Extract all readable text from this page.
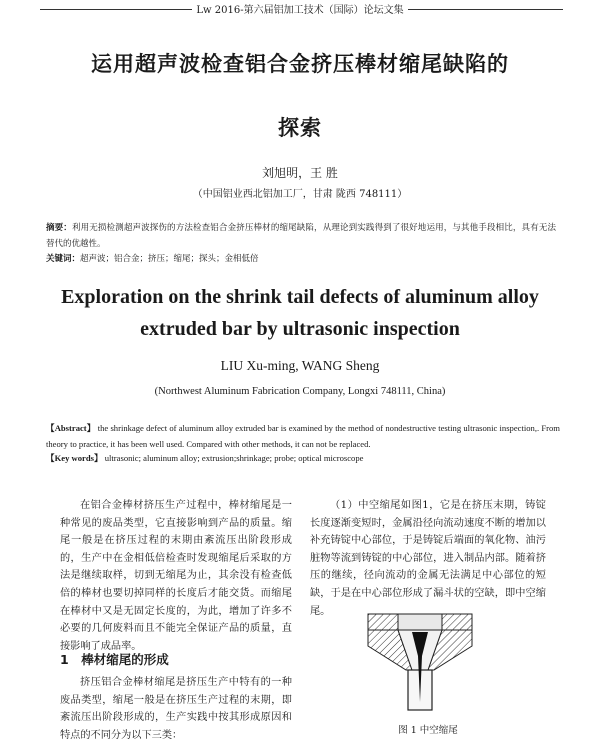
Lw 2016-第六届铝加工技术（国际）论坛文集
运用超声波检查铝合金挤压棒材缩尾缺陷的
探索
刘旭明，王 胜
（中国铝业西北铝加工厂，甘肃 陇西 748111）
摘要：利用无损检测超声波探伤的方法检查铝合金挤压棒材的缩尾缺陷，从理论到实践得到了很好地运用，与其他手段相比，具有无法替代的优越性。
关键词：超声波；铝合金；挤压；缩尾；探头；金相低倍
Exploration on the shrink tail defects of aluminum alloy
extruded bar by ultrasonic inspection
LIU Xu-ming, WANG Sheng
(Northwest Aluminum Fabrication Company, Longxi 748111, China)
【Abstract】 the shrinkage defect of aluminum alloy extruded bar is examined by the method of nondestructive testing ultrasonic inspection,. From theory to practice, it has been well used. Compared with other methods, it can not be replaced.
【Key words】 ultrasonic; aluminum alloy; extrusion;shrinkage; probe; optical microscope
在铝合金棒材挤压生产过程中，棒材缩尾是一种常见的废品类型，它直接影响到产品的质量。缩尾一般是在挤压过程的末期由紊流压出阶段形成的，生产中在金相低倍检查时发现缩尾后采取的方法是继续取样，切到无缩尾为止，其余没有检查低倍的棒材也要切掉同样的长度后才能交货。而缩尾在棒材中又是无固定长度的，为此，增加了许多不必要的几何废料而且不能完全保证产品的质量，直接影响了成品率。
1　棒材缩尾的形成
挤压铝合金棒材缩尾是挤压生产中特有的一种废品类型，缩尾一般是在挤压生产过程的末期，即紊流压出阶段形成的，生产实践中按其形成原因和特点的不同分为以下三类：
（1）中空缩尾如图1，它是在挤压末期，铸锭长度逐渐变短时，金属沿径向流动速度不断的增加以补充铸锭中心部位，于是铸锭后端面的氧化物、油污脏物等流到铸锭的中心部位，进入制品内部。随着挤压的继续，径向流动的金属无法满足中心部位的短缺，于是在中心部位形成了漏斗状的空缺，即中空缩尾。
图 1 中空缩尾
